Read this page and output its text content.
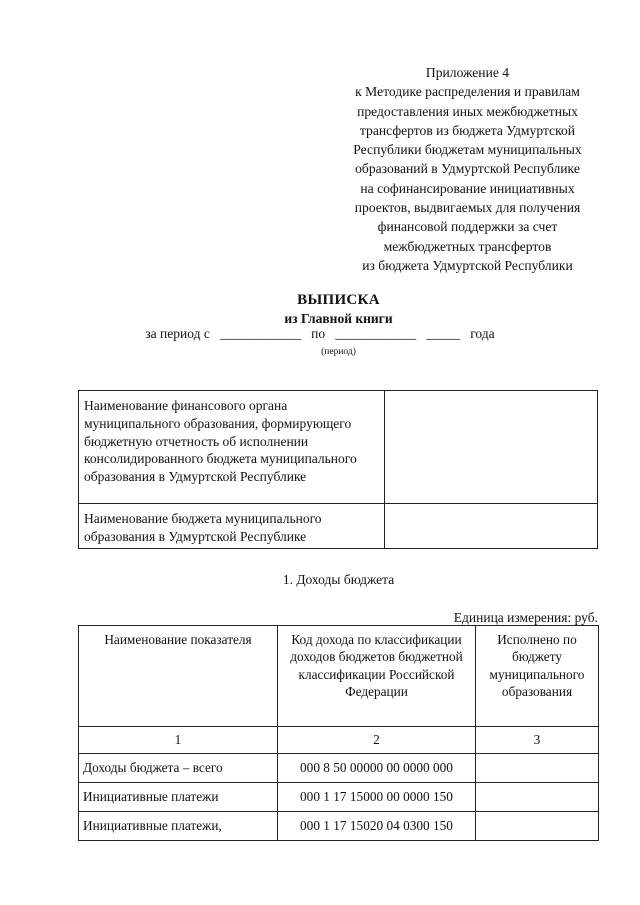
Приложение 4
к Методике распределения и правилам
предоставления иных межбюджетных
трансфертов из бюджета Удмуртской
Республики бюджетам муниципальных
образований в Удмуртской Республике
на софинансирование инициативных
проектов, выдвигаемых для получения
финансовой поддержки за счет
межбюджетных трансфертов
из бюджета Удмуртской Республики
ВЫПИСКА
из Главной книги
за период с ____________ по ____________ _____ года
(период)
Наименование финансового органа муниципального образования, формирующего бюджетную отчетность об исполнении консолидированного бюджета муниципального образования в Удмуртской Республике	
Наименование бюджета муниципального образования в Удмуртской Республике	
1. Доходы бюджета
Единица измерения: руб.
Наименование показателя	Код дохода по классификации доходов бюджетов бюджетной классификации Российской Федерации	Исполнено по бюджету муниципального образования
1	2	3
Доходы бюджета – всего	000 8 50 00000 00 0000 000	
Инициативные платежи	000 1 17 15000 00 0000 150	
Инициативные платежи,	000 1 17 15020 04 0300 150	
